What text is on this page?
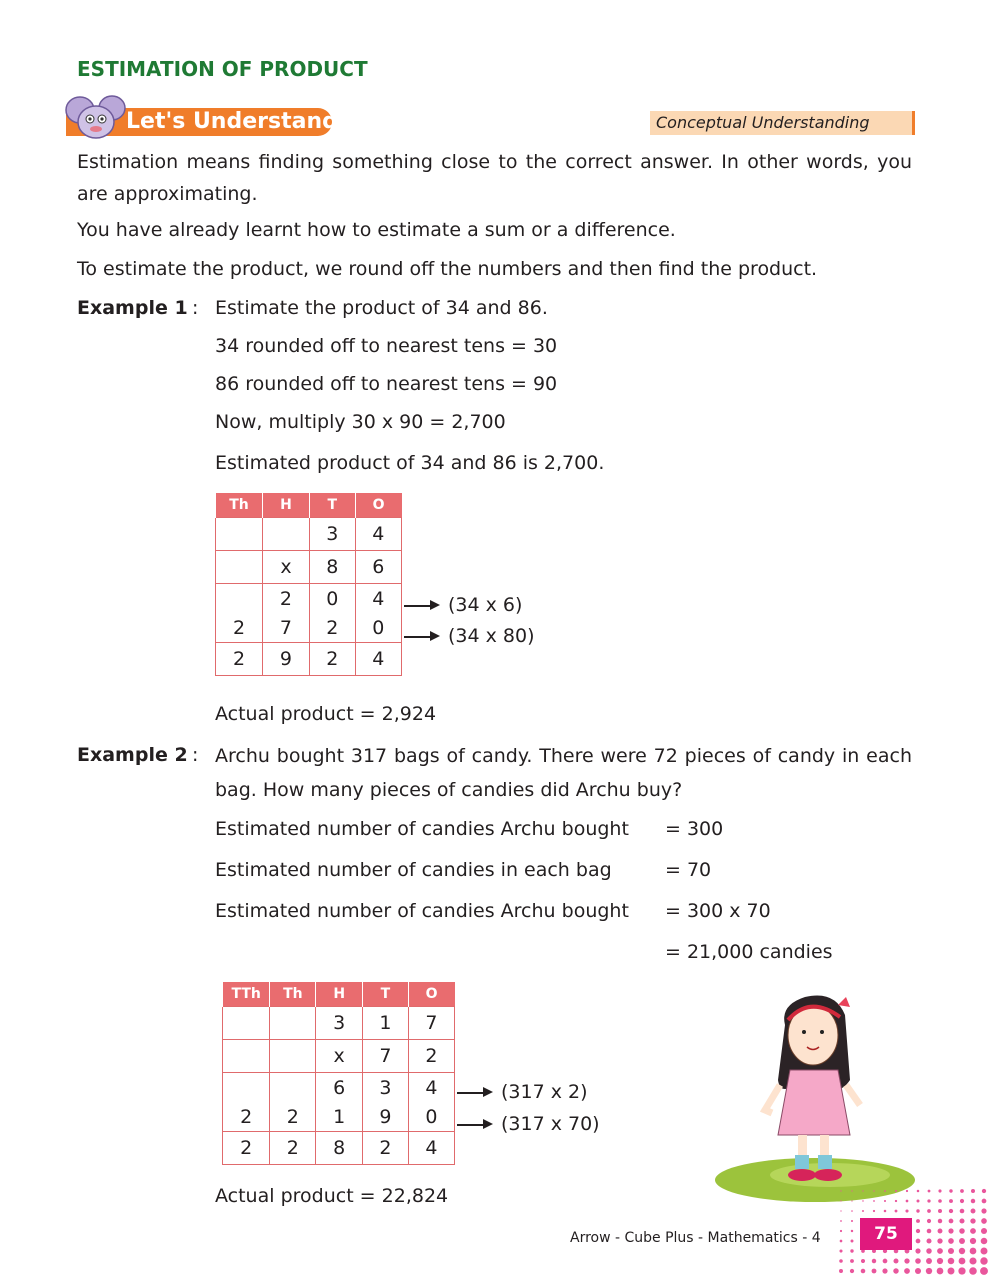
ESTIMATION OF PRODUCT
Let's Understand	Conceptual Understanding
Estimation means finding something close to the correct answer. In other words, you are approximating.
You have already learnt how to estimate a sum or a difference.
To estimate the product, we round off the numbers and then find the product.
Example 1 : Estimate the product of 34 and 86.
34 rounded off to nearest tens = 30
86 rounded off to nearest tens = 90
Now, multiply 30 x 90 = 2,700
Estimated product of 34 and 86 is 2,700.
Th	H	T	O
		3	4
	x	8	6
	2	0	4
2	7	2	0
2	9	2	4
(34 x 6)
(34 x 80)
Actual product = 2,924
Example 2 : Archu bought 317 bags of candy. There were 72 pieces of candy in each bag. How many pieces of candies did Archu buy?
Estimated number of candies Archu bought = 300
Estimated number of candies in each bag	= 70
Estimated number of candies Archu bought = 300 x 70
= 21,000 candies
TTh	Th	H	T	O
		3	1	7
		x	7	2
		6	3	4
2	2	1	9	0
2	2	8	2	4
(317 x 2)
(317 x 70)
Actual product = 22,824
Arrow - Cube Plus - Mathematics - 4	75
